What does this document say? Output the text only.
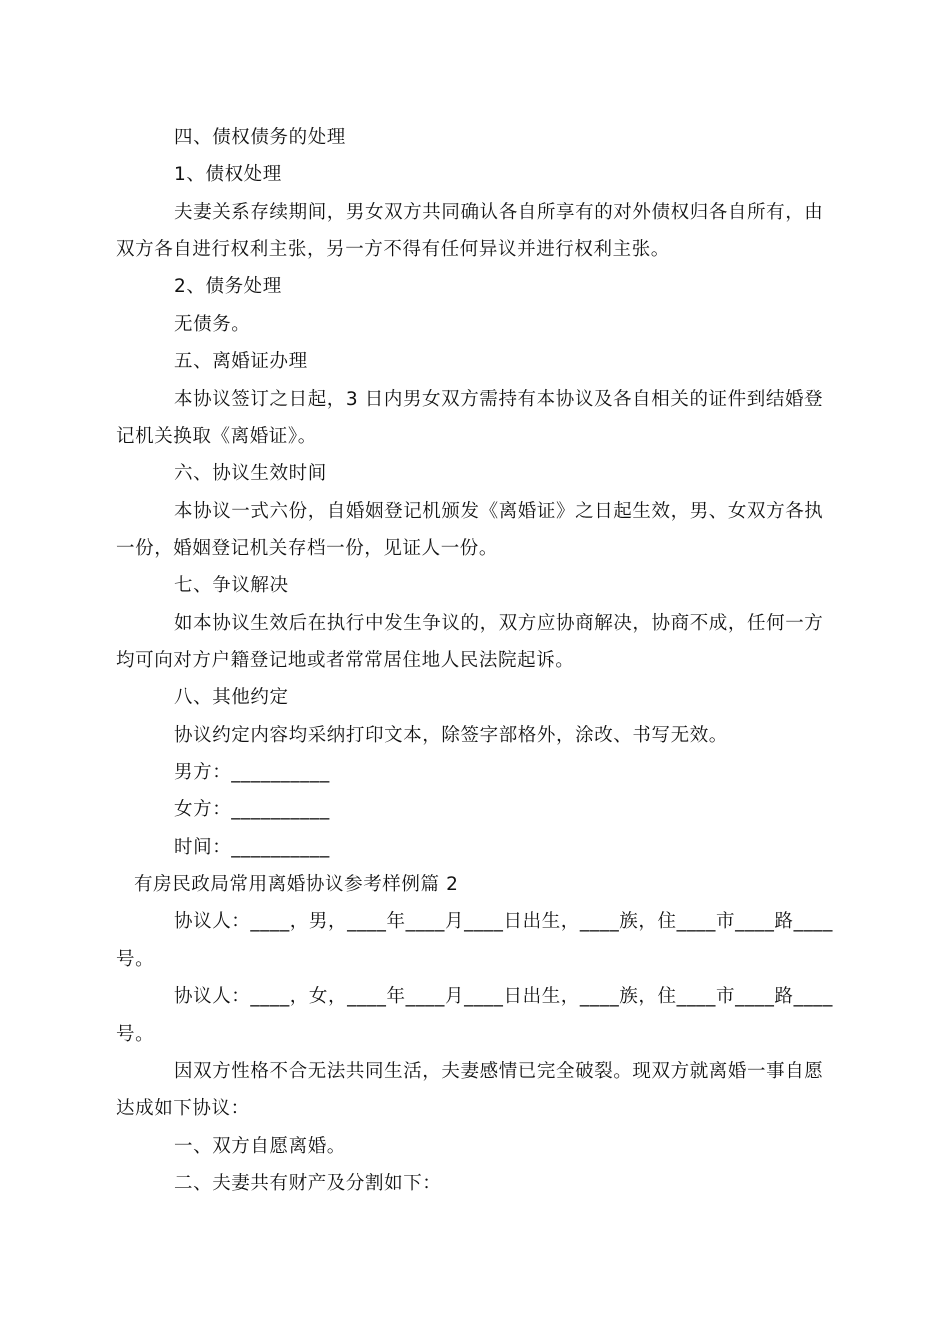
四、债权债务的处理
1、债权处理
夫妻关系存续期间，男女双方共同确认各自所享有的对外债权归各自所有，由
双方各自进行权利主张，另一方不得有任何异议并进行权利主张。
2、债务处理
无债务。
五、离婚证办理
本协议签订之日起，3 日内男女双方需持有本协议及各自相关的证件到结婚登
记机关换取《离婚证》。
六、协议生效时间
本协议一式六份，自婚姻登记机颁发《离婚证》之日起生效，男、女双方各执
一份，婚姻登记机关存档一份，见证人一份。
七、争议解决
如本协议生效后在执行中发生争议的，双方应协商解决，协商不成，任何一方
均可向对方户籍登记地或者常常居住地人民法院起诉。
八、其他约定
协议约定内容均采纳打印文本，除签字部格外，涂改、书写无效。
男方：__________
女方：__________
时间：__________
有房民政局常用离婚协议参考样例篇 2
协议人：____，男，____年____月____日出生，____族，住____市____路____
号。
协议人：____，女，____年____月____日出生，____族，住____市____路____
号。
因双方性格不合无法共同生活，夫妻感情已完全破裂。现双方就离婚一事自愿
达成如下协议：
一、双方自愿离婚。
二、夫妻共有财产及分割如下：
